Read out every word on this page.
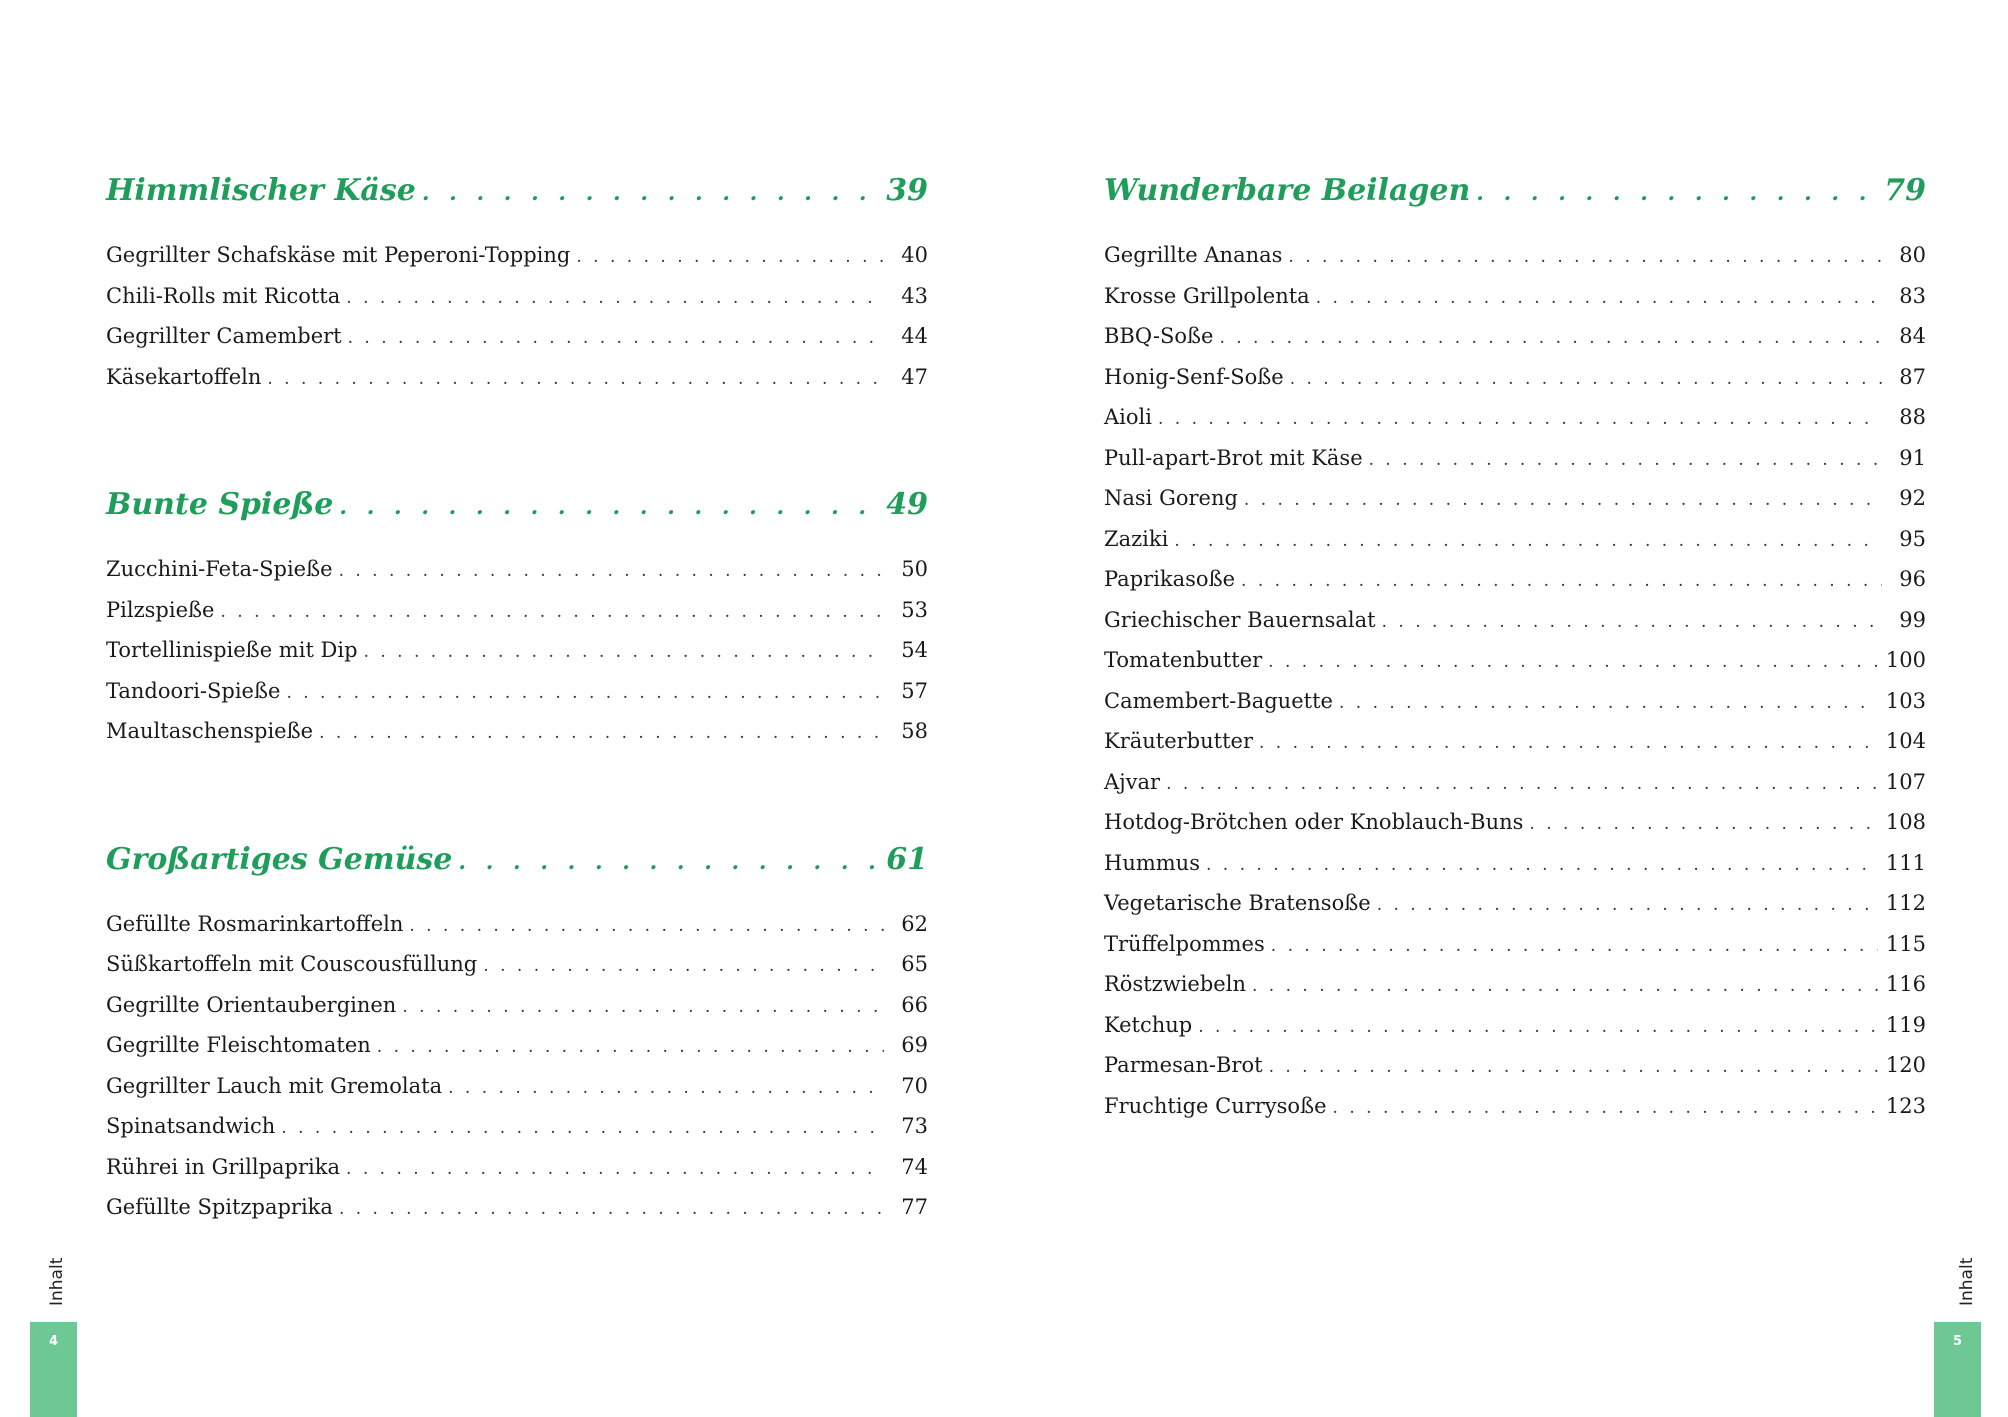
Himmlischer Käse . . .	39
Gegrillter Schafskäse mit Peperoni-Topping . . .	40
Chili-Rolls mit Ricotta . . .	43
Gegrillter Camembert . . .	44
Käsekartoffeln . . .	47
Bunte Spieße . . .	49
Zucchini-Feta-Spieße . . .	50
Pilzspieße . . .	53
Tortellinispieße mit Dip . . .	54
Tandoori-Spieße . . .	57
Maultaschenspieße . . .	58
Großartiges Gemüse . . .	61
Gefüllte Rosmarinkartoffeln . . .	62
Süßkartoffeln mit Couscousfüllung . . .	65
Gegrillte Orientauberginen . . .	66
Gegrillte Fleischtomaten . . .	69
Gegrillter Lauch mit Gremolata . . .	70
Spinatsandwich . . .	73
Rührei in Grillpaprika . . .	74
Gefüllte Spitzpaprika . . .	77
Wunderbare Beilagen . . .	79
Gegrillte Ananas . . .	80
Krosse Grillpolenta . . .	83
BBQ-Soße . . .	84
Honig-Senf-Soße . . .	87
Aioli . . .	88
Pull-apart-Brot mit Käse . . .	91
Nasi Goreng . . .	92
Zaziki . . .	95
Paprikasoße . . .	96
Griechischer Bauernsalat . . .	99
Tomatenbutter . . .	100
Camembert-Baguette . . .	103
Kräuterbutter . . .	104
Ajvar . . .	107
Hotdog-Brötchen oder Knoblauch-Buns . . .	108
Hummus . . .	111
Vegetarische Bratensoße . . .	112
Trüffelpommes . . .	115
Röstzwiebeln . . .	116
Ketchup . . .	119
Parmesan-Brot . . .	120
Fruchtige Currysoße . . .	123
Inhalt
4
Inhalt
5
